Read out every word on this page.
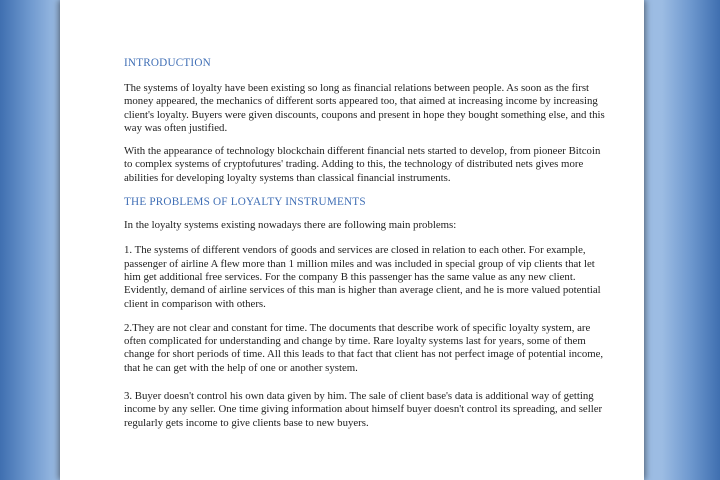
INTRODUCTION

The systems of loyalty have been existing so long as financial relations between people. As soon as the first money appeared, the mechanics of different sorts appeared too, that aimed at increasing income by increasing client's loyalty. Buyers were given discounts, coupons and present in hope they bought something else, and this way was often justified.

With the appearance of technology blockchain different financial nets started to develop, from pioneer Bitcoin to complex systems of cryptofutures' trading. Adding to this, the technology of distributed nets gives more abilities for developing loyalty systems than classical financial instruments.

THE PROBLEMS OF LOYALTY INSTRUMENTS

In the loyalty systems existing nowadays there are following main problems:

1. The systems of different vendors of goods and services are closed in relation to each other. For example, passenger of airline A flew more than 1 million miles and was included in special group of vip clients that let him get additional free services. For the company B this passenger has the same value as any new client. Evidently, demand of airline services of this man is higher than average client, and he is more valued potential client in comparison with others.

2.They are not clear and constant for time. The documents that describe work of specific loyalty system, are often complicated for understanding and change by time. Rare loyalty systems last for years, some of them change for short periods of time. All this leads to that fact that client has not perfect image of potential income, that he can get with the help of one or another system.

3. Buyer doesn't control his own data given by him. The sale of client base's data is additional way of getting income by any seller. One time giving information about himself buyer doesn't control its spreading, and seller regularly gets income to give clients base to new buyers.
